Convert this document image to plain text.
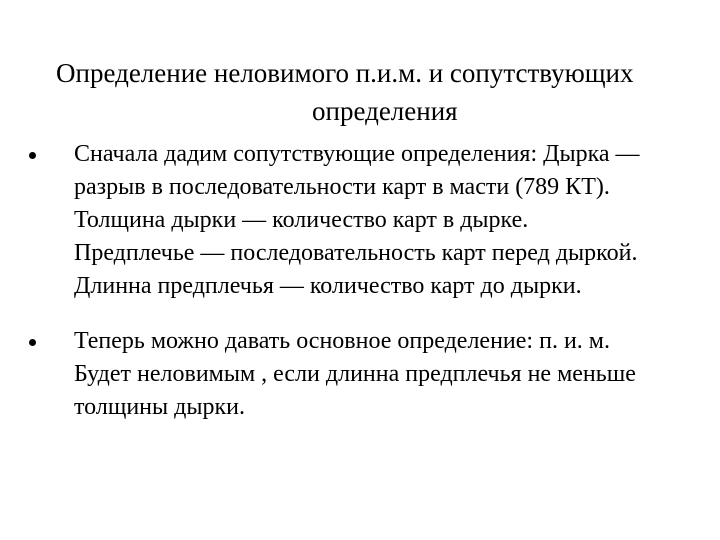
Определение неловимого п.и.м. и сопутствующих
определения
Сначала дадим сопутствующие определения: Дырка —
разрыв в последовательности карт в масти (789 КТ).
Толщина дырки — количество карт в дырке.
Предплечье — последовательность карт перед дыркой.
Длинна предплечья — количество карт до дырки.
Теперь можно давать основное определение: п. и. м.
Будет неловимым , если длинна предплечья не меньше
толщины дырки.
